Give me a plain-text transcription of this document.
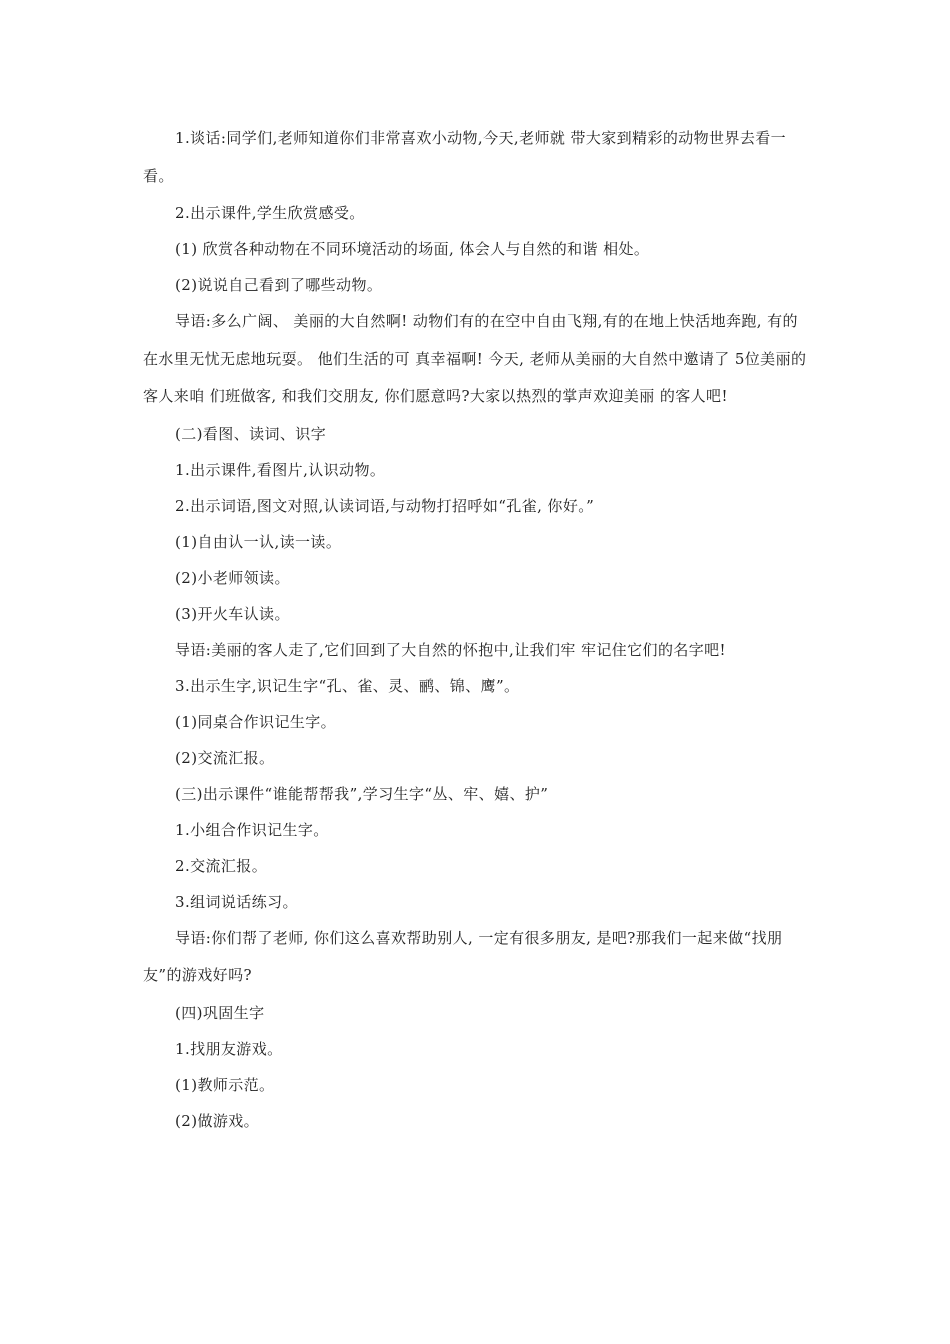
1.谈话:同学们,老师知道你们非常喜欢小动物,今天,老师就 带大家到精彩的动物世界去看一看。

2.出示课件,学生欣赏感受。

(1) 欣赏各种动物在不同环境活动的场面, 体会人与自然的和谐 相处。

(2)说说自己看到了哪些动物。

导语:多么广阔、 美丽的大自然啊! 动物们有的在空中自由飞翔,有的在地上快活地奔跑, 有的在水里无忧无虑地玩耍。 他们生活的可 真幸福啊! 今天, 老师从美丽的大自然中邀请了 5位美丽的客人来咱 们班做客, 和我们交朋友, 你们愿意吗?大家以热烈的掌声欢迎美丽 的客人吧!

(二)看图、读词、识字

1.出示课件,看图片,认识动物。

2.出示词语,图文对照,认读词语,与动物打招呼如“孔雀, 你好。”

(1)自由认一认,读一读。

(2)小老师领读。

(3)开火车认读。

导语:美丽的客人走了,它们回到了大自然的怀抱中,让我们牢 牢记住它们的名字吧!

3.出示生字,识记生字“孔、雀、灵、鹂、锦、鹰”。

(1)同桌合作识记生字。

(2)交流汇报。

(三)出示课件“谁能帮帮我”,学习生字“丛、牢、嬉、护”

1.小组合作识记生字。

2.交流汇报。

3.组词说话练习。

导语:你们帮了老师, 你们这么喜欢帮助别人, 一定有很多朋友, 是吧?那我们一起来做“找朋友”的游戏好吗?

(四)巩固生字

1.找朋友游戏。

(1)教师示范。

(2)做游戏。
